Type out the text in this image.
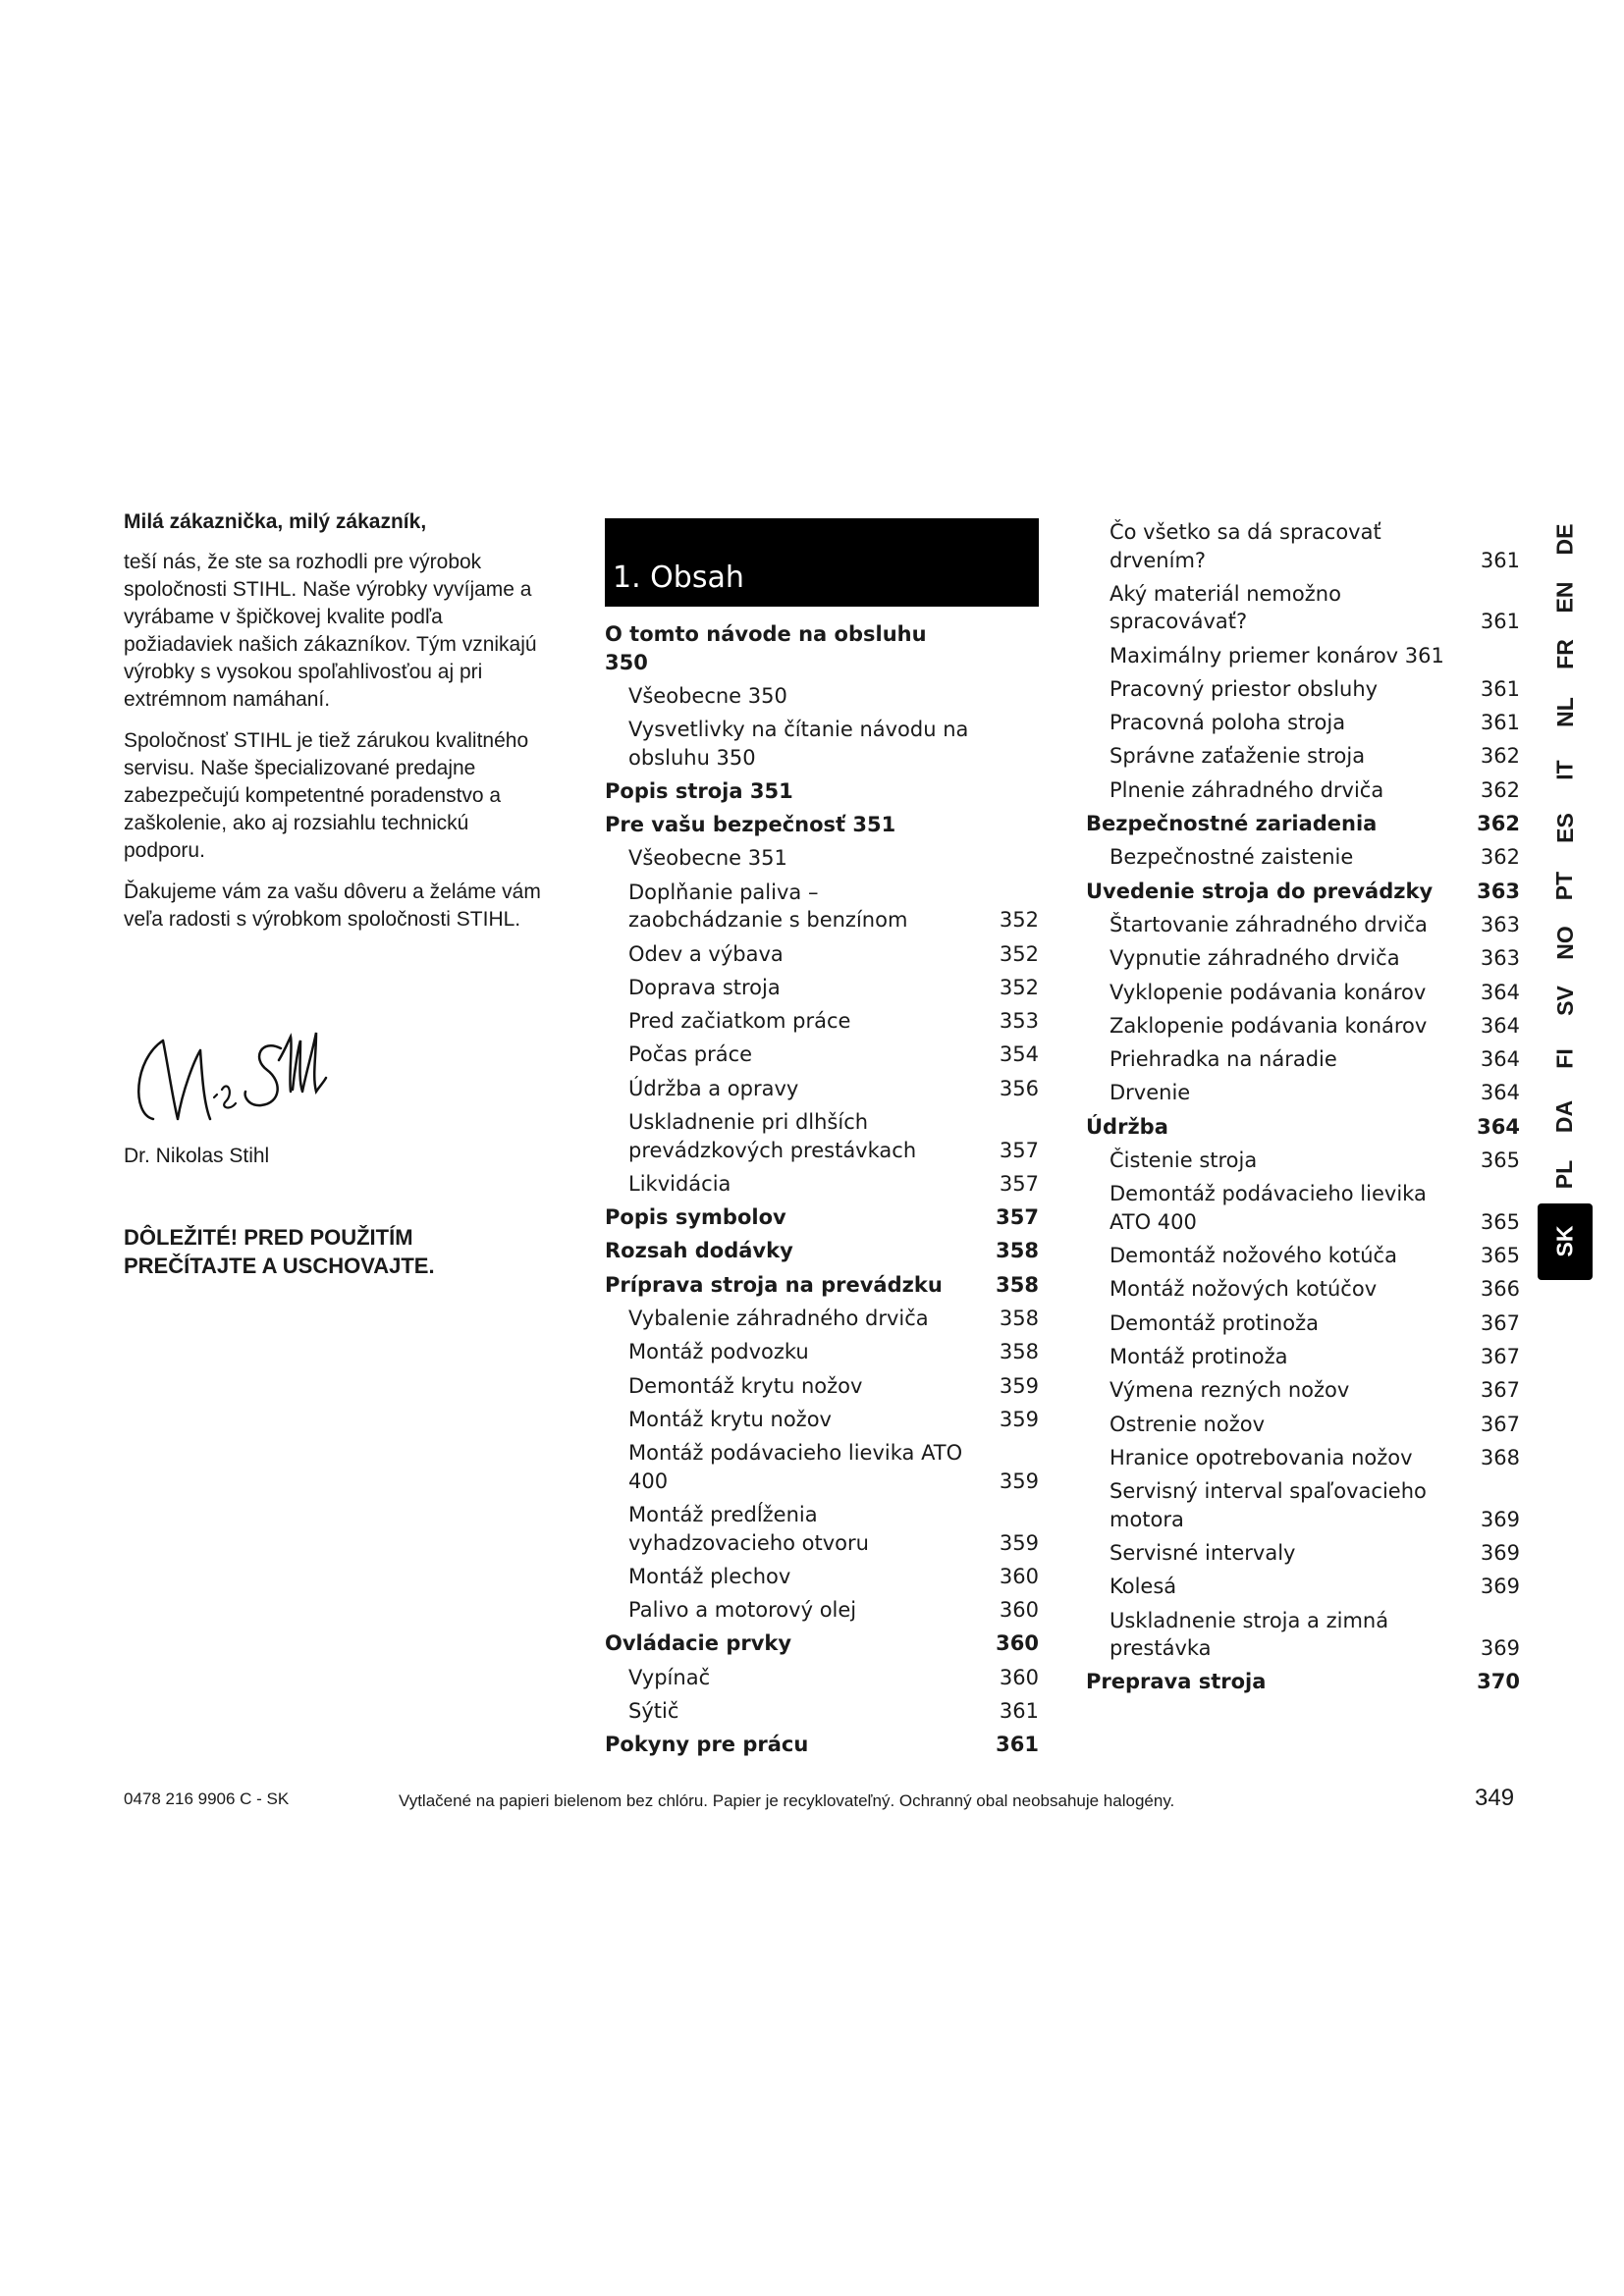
Milá zákaznička, milý zákazník,

teší nás, že ste sa rozhodli pre výrobok spoločnosti STIHL. Naše výrobky vyvíjame a vyrábame v špičkovej kvalite podľa požiadaviek našich zákazníkov. Tým vznikajú výrobky s vysokou spoľahlivosťou aj pri extrémnom namáhaní.

Spoločnosť STIHL je tiež zárukou kvalitného servisu. Naše špecializované predajne zabezpečujú kompetentné poradenstvo a zaškolenie, ako aj rozsiahlu technickú podporu.

Ďakujeme vám za vašu dôveru a želáme vám veľa radosti s výrobkom spoločnosti STIHL.

Dr. Nikolas Stihl
DÔLEŽITÉ! PRED POUŽITÍM PREČÍTAJTE A USCHOVAJTE.
1. Obsah
O tomto návode na obsluhu 350
Všeobecne 350
Vysvetlivky na čítanie návodu na obsluhu 350
Popis stroja 351
Pre vašu bezpečnosť 351
Všeobecne 351
Doplňanie paliva – zaobchádzanie s benzínom	352
Odev a výbava	352
Doprava stroja	352
Pred začiatkom práce	353
Počas práce	354
Údržba a opravy	356
Uskladnenie pri dlhších prevádzkových prestávkach	357
Likvidácia	357
Popis symbolov	357
Rozsah dodávky	358
Príprava stroja na prevádzku	358
Vybalenie záhradného drviča	358
Montáž podvozku	358
Demontáž krytu nožov	359
Montáž krytu nožov	359
Montáž podávacieho lievika ATO 400	359
Montáž predĺženia vyhadzovacieho otvoru	359
Montáž plechov	360
Palivo a motorový olej	360
Ovládacie prvky	360
Vypínač	360
Sýtič	361
Pokyny pre prácu	361
Čo všetko sa dá spracovať drvením?	361
Aký materiál nemožno spracovávať?	361
Maximálny priemer konárov 361
Pracovný priestor obsluhy	361
Pracovná poloha stroja	361
Správne zaťaženie stroja	362
Plnenie záhradného drviča	362
Bezpečnostné zariadenia	362
Bezpečnostné zaistenie	362
Uvedenie stroja do prevádzky	363
Štartovanie záhradného drviča	363
Vypnutie záhradného drviča	363
Vyklopenie podávania konárov	364
Zaklopenie podávania konárov	364
Priehradka na náradie	364
Drvenie	364
Údržba	364
Čistenie stroja	365
Demontáž podávacieho lievika ATO 400	365
Demontáž nožového kotúča	365
Montáž nožových kotúčov	366
Demontáž protinoža	367
Montáž protinoža	367
Výmena rezných nožov	367
Ostrenie nožov	367
Hranice opotrebovania nožov	368
Servisný interval spaľovacieho motora	369
Servisné intervaly	369
Kolesá	369
Uskladnenie stroja a zimná prestávka	369
Preprava stroja	370
DE
EN
FR
NL
IT
ES
PT
NO
SV
FI
DA
PL
SK
0478 216 9906 C - SK	Vytlačené na papieri bielenom bez chlóru. Papier je recyklovateľný. Ochranný obal neobsahuje halogény.	349
